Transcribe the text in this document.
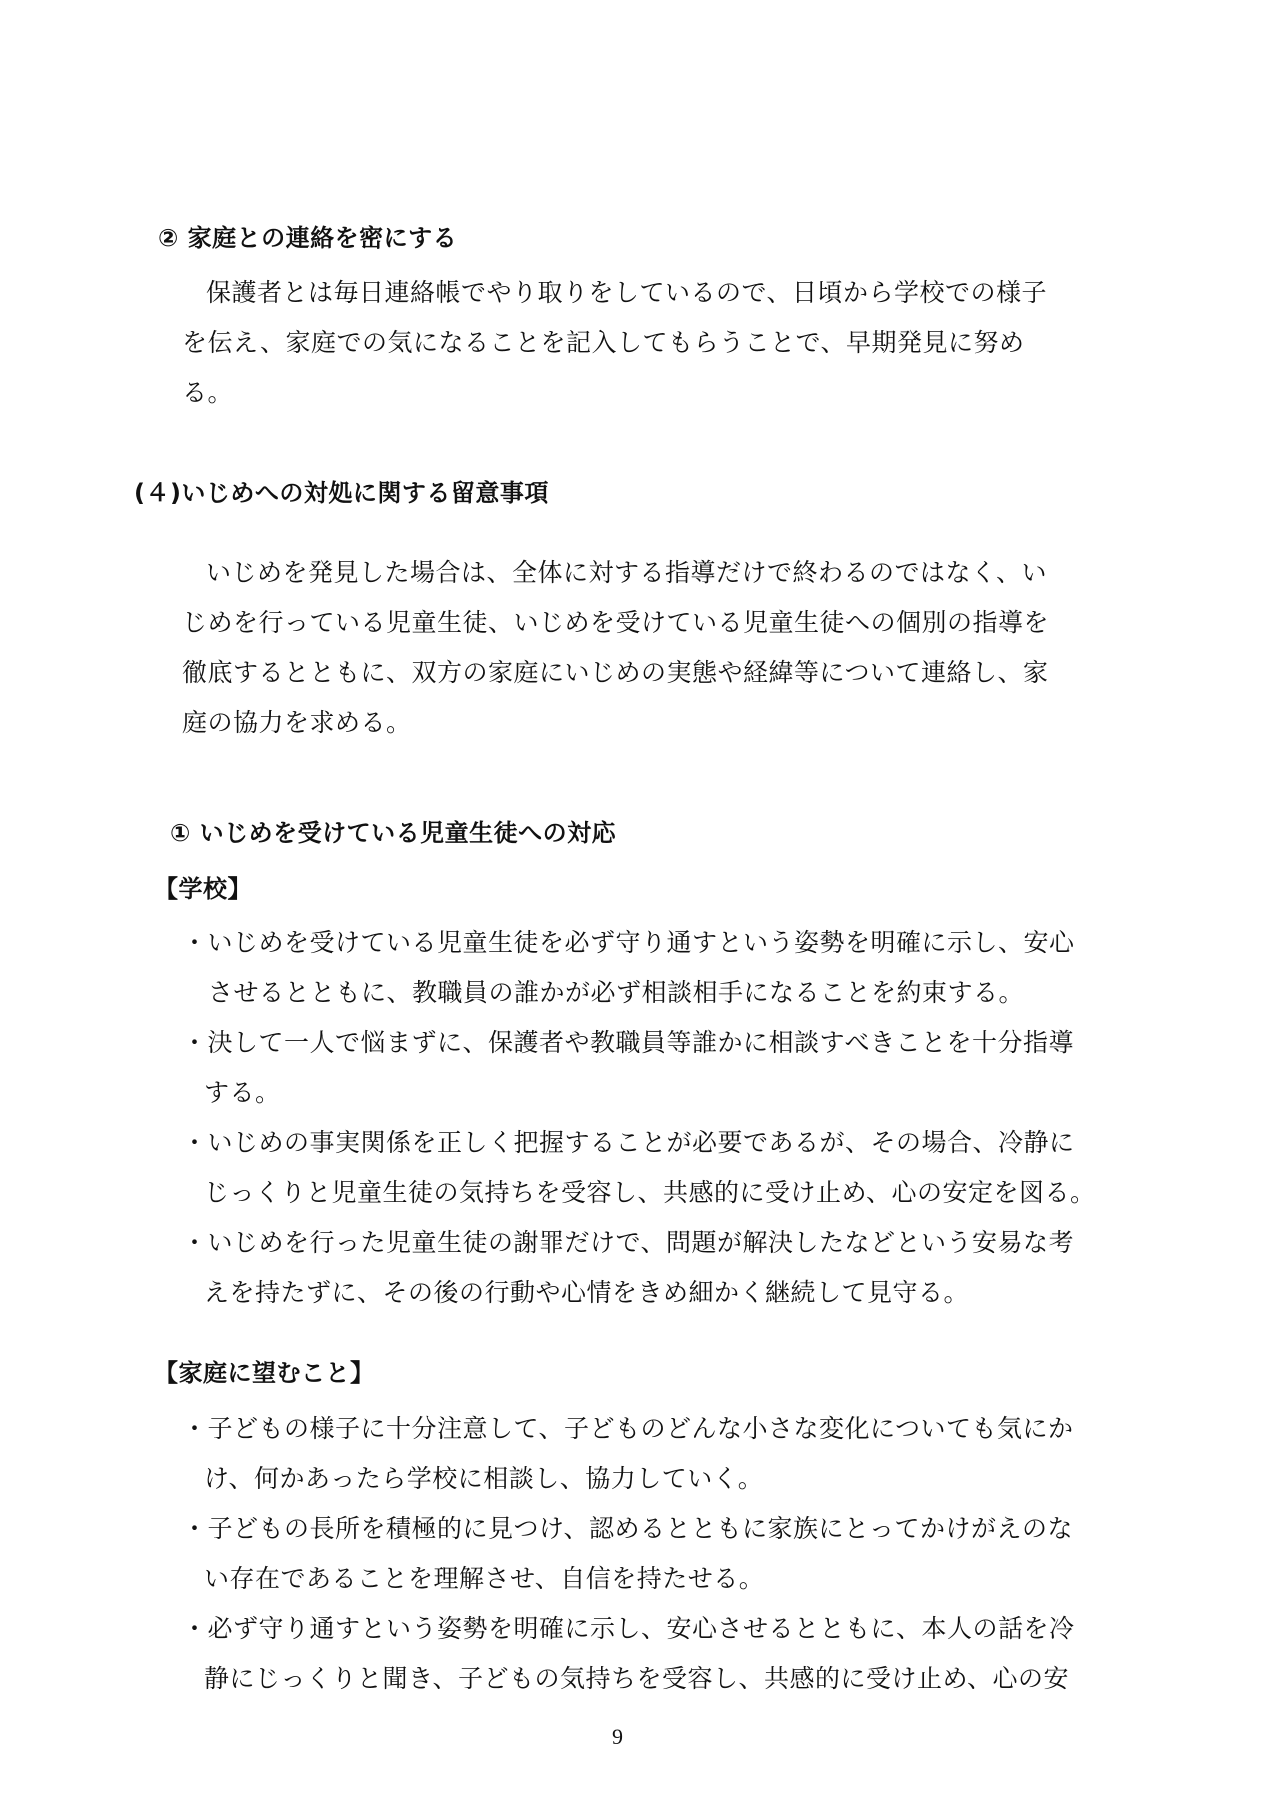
② 家庭との連絡を密にする
保護者とは毎日連絡帳でやり取りをしているので、日頃から学校での様子
を伝え、家庭での気になることを記入してもらうことで、早期発見に努め
る。
(４)いじめへの対処に関する留意事項
いじめを発見した場合は、全体に対する指導だけで終わるのではなく、い
じめを行っている児童生徒、いじめを受けている児童生徒への個別の指導を
徹底するとともに、双方の家庭にいじめの実態や経緯等について連絡し、家
庭の協力を求める。
① いじめを受けている児童生徒への対応
【学校】
・いじめを受けている児童生徒を必ず守り通すという姿勢を明確に示し、安心
させるとともに、教職員の誰かが必ず相談相手になることを約束する。
・決して一人で悩まずに、保護者や教職員等誰かに相談すべきことを十分指導
する。
・いじめの事実関係を正しく把握することが必要であるが、その場合、冷静に
じっくりと児童生徒の気持ちを受容し、共感的に受け止め、心の安定を図る。
・いじめを行った児童生徒の謝罪だけで、問題が解決したなどという安易な考
えを持たずに、その後の行動や心情をきめ細かく継続して見守る。
【家庭に望むこと】
・子どもの様子に十分注意して、子どものどんな小さな変化についても気にか
け、何かあったら学校に相談し、協力していく。
・子どもの長所を積極的に見つけ、認めるとともに家族にとってかけがえのな
い存在であることを理解させ、自信を持たせる。
・必ず守り通すという姿勢を明確に示し、安心させるとともに、本人の話を冷
静にじっくりと聞き、子どもの気持ちを受容し、共感的に受け止め、心の安
9
